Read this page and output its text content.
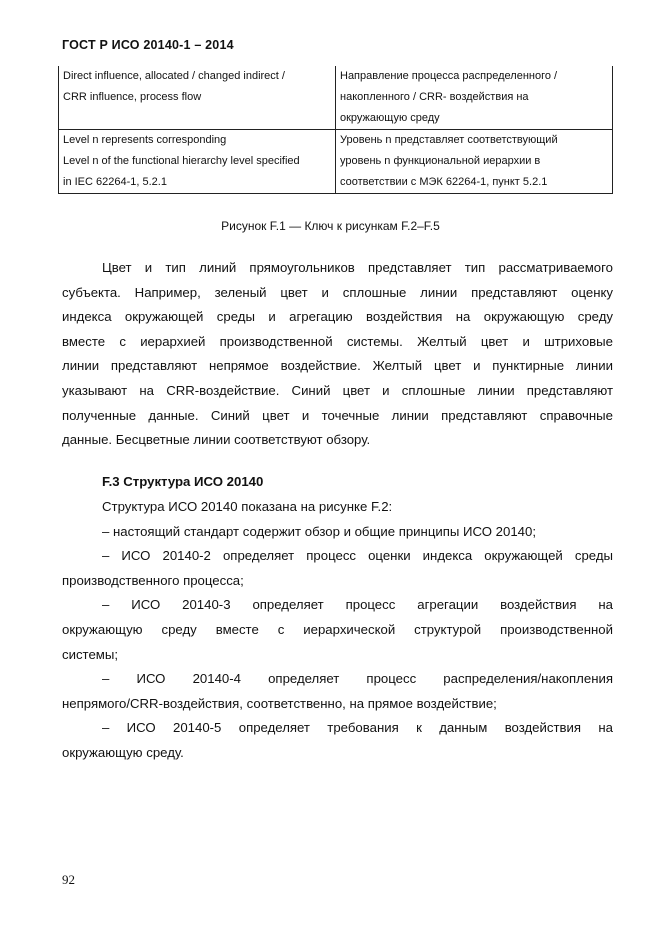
ГОСТ Р ИСО 20140-1 – 2014
Direct influence, allocated / changed indirect /
CRR influence, process flow	Направление процесса распределенного /
накопленного / CRR- воздействия на
окружающую среду

Level n represents corresponding
Level n of the functional hierarchy level specified
in IEC 62264-1, 5.2.1	Уровень n представляет соответствующий
уровень n функциональной иерархии в
соответствии с МЭК 62264-1, пункт 5.2.1
Рисунок F.1 — Ключ к рисункам F.2–F.5
Цвет и тип линий прямоугольников представляет тип рассматриваемого
субъекта. Например, зеленый цвет и сплошные линии представляют оценку
индекса окружающей среды и агрегацию воздействия на окружающую среду
вместе с иерархией производственной системы. Желтый цвет и штриховые
линии представляют непрямое воздействие. Желтый цвет и пунктирные линии
указывают на CRR-воздействие. Синий цвет и сплошные линии представляют
полученные данные. Синий цвет и точечные линии представляют справочные
данные. Бесцветные линии соответствуют обзору.
F.3 Структура ИСО 20140
Структура ИСО 20140 показана на рисунке F.2:
– настоящий стандарт содержит обзор и общие принципы ИСО 20140;
– ИСО 20140-2 определяет процесс оценки индекса окружающей среды
производственного процесса;
– ИСО 20140-3 определяет процесс агрегации воздействия на
окружающую среду вместе с иерархической структурой производственной
системы;
– ИСО 20140-4 определяет процесс распределения/накопления
непрямого/CRR-воздействия, соответственно, на прямое воздействие;
– ИСО 20140-5 определяет требования к данным воздействия на
окружающую среду.
92
